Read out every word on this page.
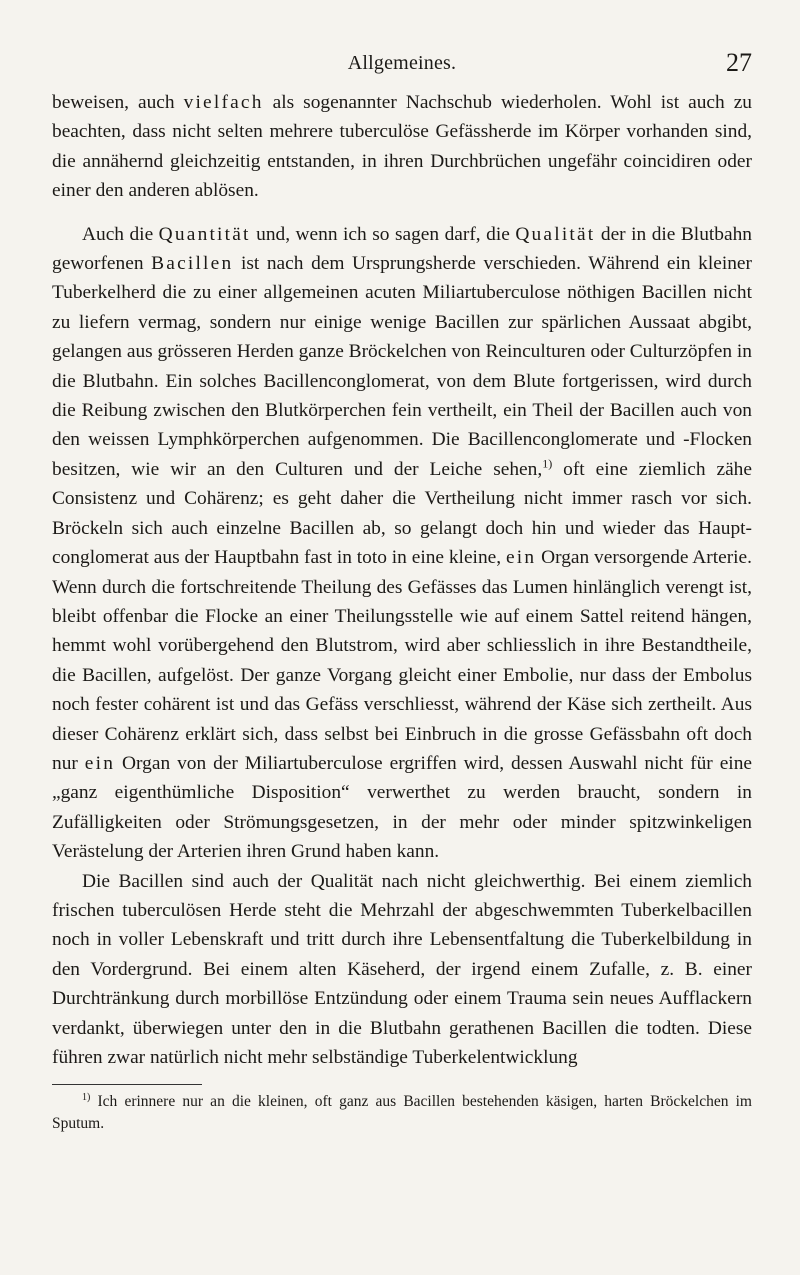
Allgemeines.	27

beweisen, auch vielfach als sogenannter Nachschub wiederholen. Wohl ist auch zu beachten, dass nicht selten mehrere tuberculöse Gefässherde im Körper vorhanden sind, die annähernd gleichzeitig entstanden, in ihren Durchbrüchen ungefähr coincidiren oder einer den anderen ablösen.

Auch die Quantität und, wenn ich so sagen darf, die Qualität der in die Blutbahn geworfenen Bacillen ist nach dem Ursprungsherde verschieden. Während ein kleiner Tuberkelherd die zu einer allgemeinen acuten Miliartuberculose nöthigen Bacillen nicht zu liefern vermag, sondern nur einige wenige Bacillen zur spärlichen Aussaat abgibt, gelangen aus grösseren Herden ganze Bröckelchen von Reinculturen oder Culturzöpfen in die Blutbahn. Ein solches Bacillenconglomerat, von dem Blute fortgerissen, wird durch die Reibung zwischen den Blutkörperchen fein vertheilt, ein Theil der Bacillen auch von den weissen Lymphkörperchen aufgenommen. Die Bacillenconglomerate und -Flocken besitzen, wie wir an den Culturen und der Leiche sehen,$^{1)}$ oft eine ziemlich zähe Consistenz und Cohärenz; es geht daher die Vertheilung nicht immer rasch vor sich. Bröckeln sich auch einzelne Bacillen ab, so gelangt doch hin und wieder das Hauptconglomerat aus der Hauptbahn fast in toto in eine kleine, ein Organ versorgende Arterie. Wenn durch die fortschreitende Theilung des Gefässes das Lumen hinlänglich verengt ist, bleibt offenbar die Flocke an einer Theilungsstelle wie auf einem Sattel reitend hängen, hemmt wohl vorübergehend den Blutstrom, wird aber schliesslich in ihre Bestandtheile, die Bacillen, aufgelöst. Der ganze Vorgang gleicht einer Embolie, nur dass der Embolus noch fester cohärent ist und das Gefäss verschliesst, während der Käse sich zertheilt. Aus dieser Cohärenz erklärt sich, dass selbst bei Einbruch in die grosse Gefässbahn oft doch nur ein Organ von der Miliartuberculose ergriffen wird, dessen Auswahl nicht für eine „ganz eigenthümliche Disposition“ verwerthet zu werden braucht, sondern in Zufälligkeiten oder Strömungsgesetzen, in der mehr oder minder spitzwinkeligen Verästelung der Arterien ihren Grund haben kann.

Die Bacillen sind auch der Qualität nach nicht gleichwerthig. Bei einem ziemlich frischen tuberculösen Herde steht die Mehrzahl der abgeschwemmten Tuberkelbacillen noch in voller Lebenskraft und tritt durch ihre Lebensentfaltung die Tuberkelbildung in den Vordergrund. Bei einem alten Käseherd, der irgend einem Zufalle, z. B. einer Durchtränkung durch morbillöse Entzündung oder einem Trauma sein neues Aufflackern verdankt, überwiegen unter den in die Blutbahn gerathenen Bacillen die todten. Diese führen zwar natürlich nicht mehr selbständige Tuberkelentwicklung

$^{1)}$ Ich erinnere nur an die kleinen, oft ganz aus Bacillen bestehenden käsigen, harten Bröckelchen im Sputum.
